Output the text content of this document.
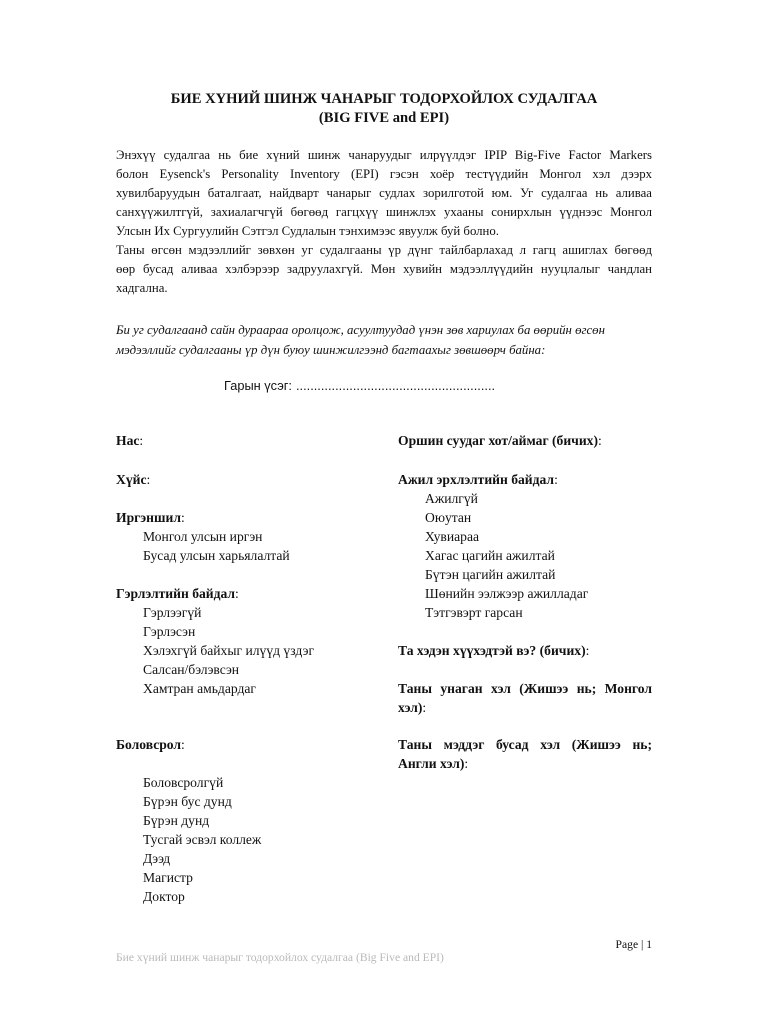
БИЕ ХҮНИЙ ШИНЖ ЧАНАРЫГ ТОДОРХОЙЛОХ СУДАЛГАА
(BIG FIVE and EPI)
Энэхүү судалгаа нь бие хүний шинж чанаруудыг илрүүлдэг IPIP Big-Five Factor Markers
болон Eysenck's Personality Inventory (EPI) гэсэн хоёр тестүүдийн Монгол хэл дээрх
хувилбаруудын баталгаат, найдварт чанарыг судлах зорилготой юм. Уг судалгаа нь аливаа
санхүүжилтгүй, захиалагчгүй бөгөөд гагцхүү шинжлэх ухааны сонирхлын үүднээс Монгол
Улсын Их Сургуулийн Сэтгэл Судлалын тэнхимээс явуулж буй болно.
Таны өгсөн мэдээллийг зөвхөн уг судалгааны үр дүнг тайлбарлахад л гагц ашиглах бөгөөд
өөр бусад аливаа хэлбэрээр задруулахгүй. Мөн хувийн мэдээллүүдийн нууцлалыг чандлан
хадгална.
Би уг судалгаанд сайн дураараа оролцож, асуултуудад үнэн зөв хариулах ба өөрийн өгсөн
мэдээллийг судалгааны үр дүн буюу шинжилгээнд багтаахыг зөвшөөрч байна:
Гарын үсэг: ........................................................
Нас:
Хүйс:
Иргэншил:
Монгол улсын иргэн
Бусад улсын харьялалтай
Гэрлэлтийн байдал:
Гэрлээгүй
Гэрлэсэн
Хэлэхгүй байхыг илүүд үздэг
Салсан/бэлэвсэн
Хамтран амьдардаг
Боловсрол:
Боловсролгүй
Бүрэн бус дунд
Бүрэн дунд
Тусгай эсвэл коллеж
Дээд
Магистр
Доктор
Оршин суудаг хот/аймаг (бичих):
Ажил эрхлэлтийн байдал:
Ажилгүй
Оюутан
Хувиараа
Хагас цагийн ажилтай
Бүтэн цагийн ажилтай
Шөнийн ээлжээр ажилладаг
Тэтгэвэрт гарсан
Та хэдэн хүүхэдтэй вэ? (бичих):
Таны унаган хэл (Жишээ нь; Монгол
хэл):
Таны мэддэг бусад хэл (Жишээ нь;
Англи хэл):
Page | 1
Бие хүний шинж чанарыг тодорхойлох судалгаа (Big Five and EPI)
